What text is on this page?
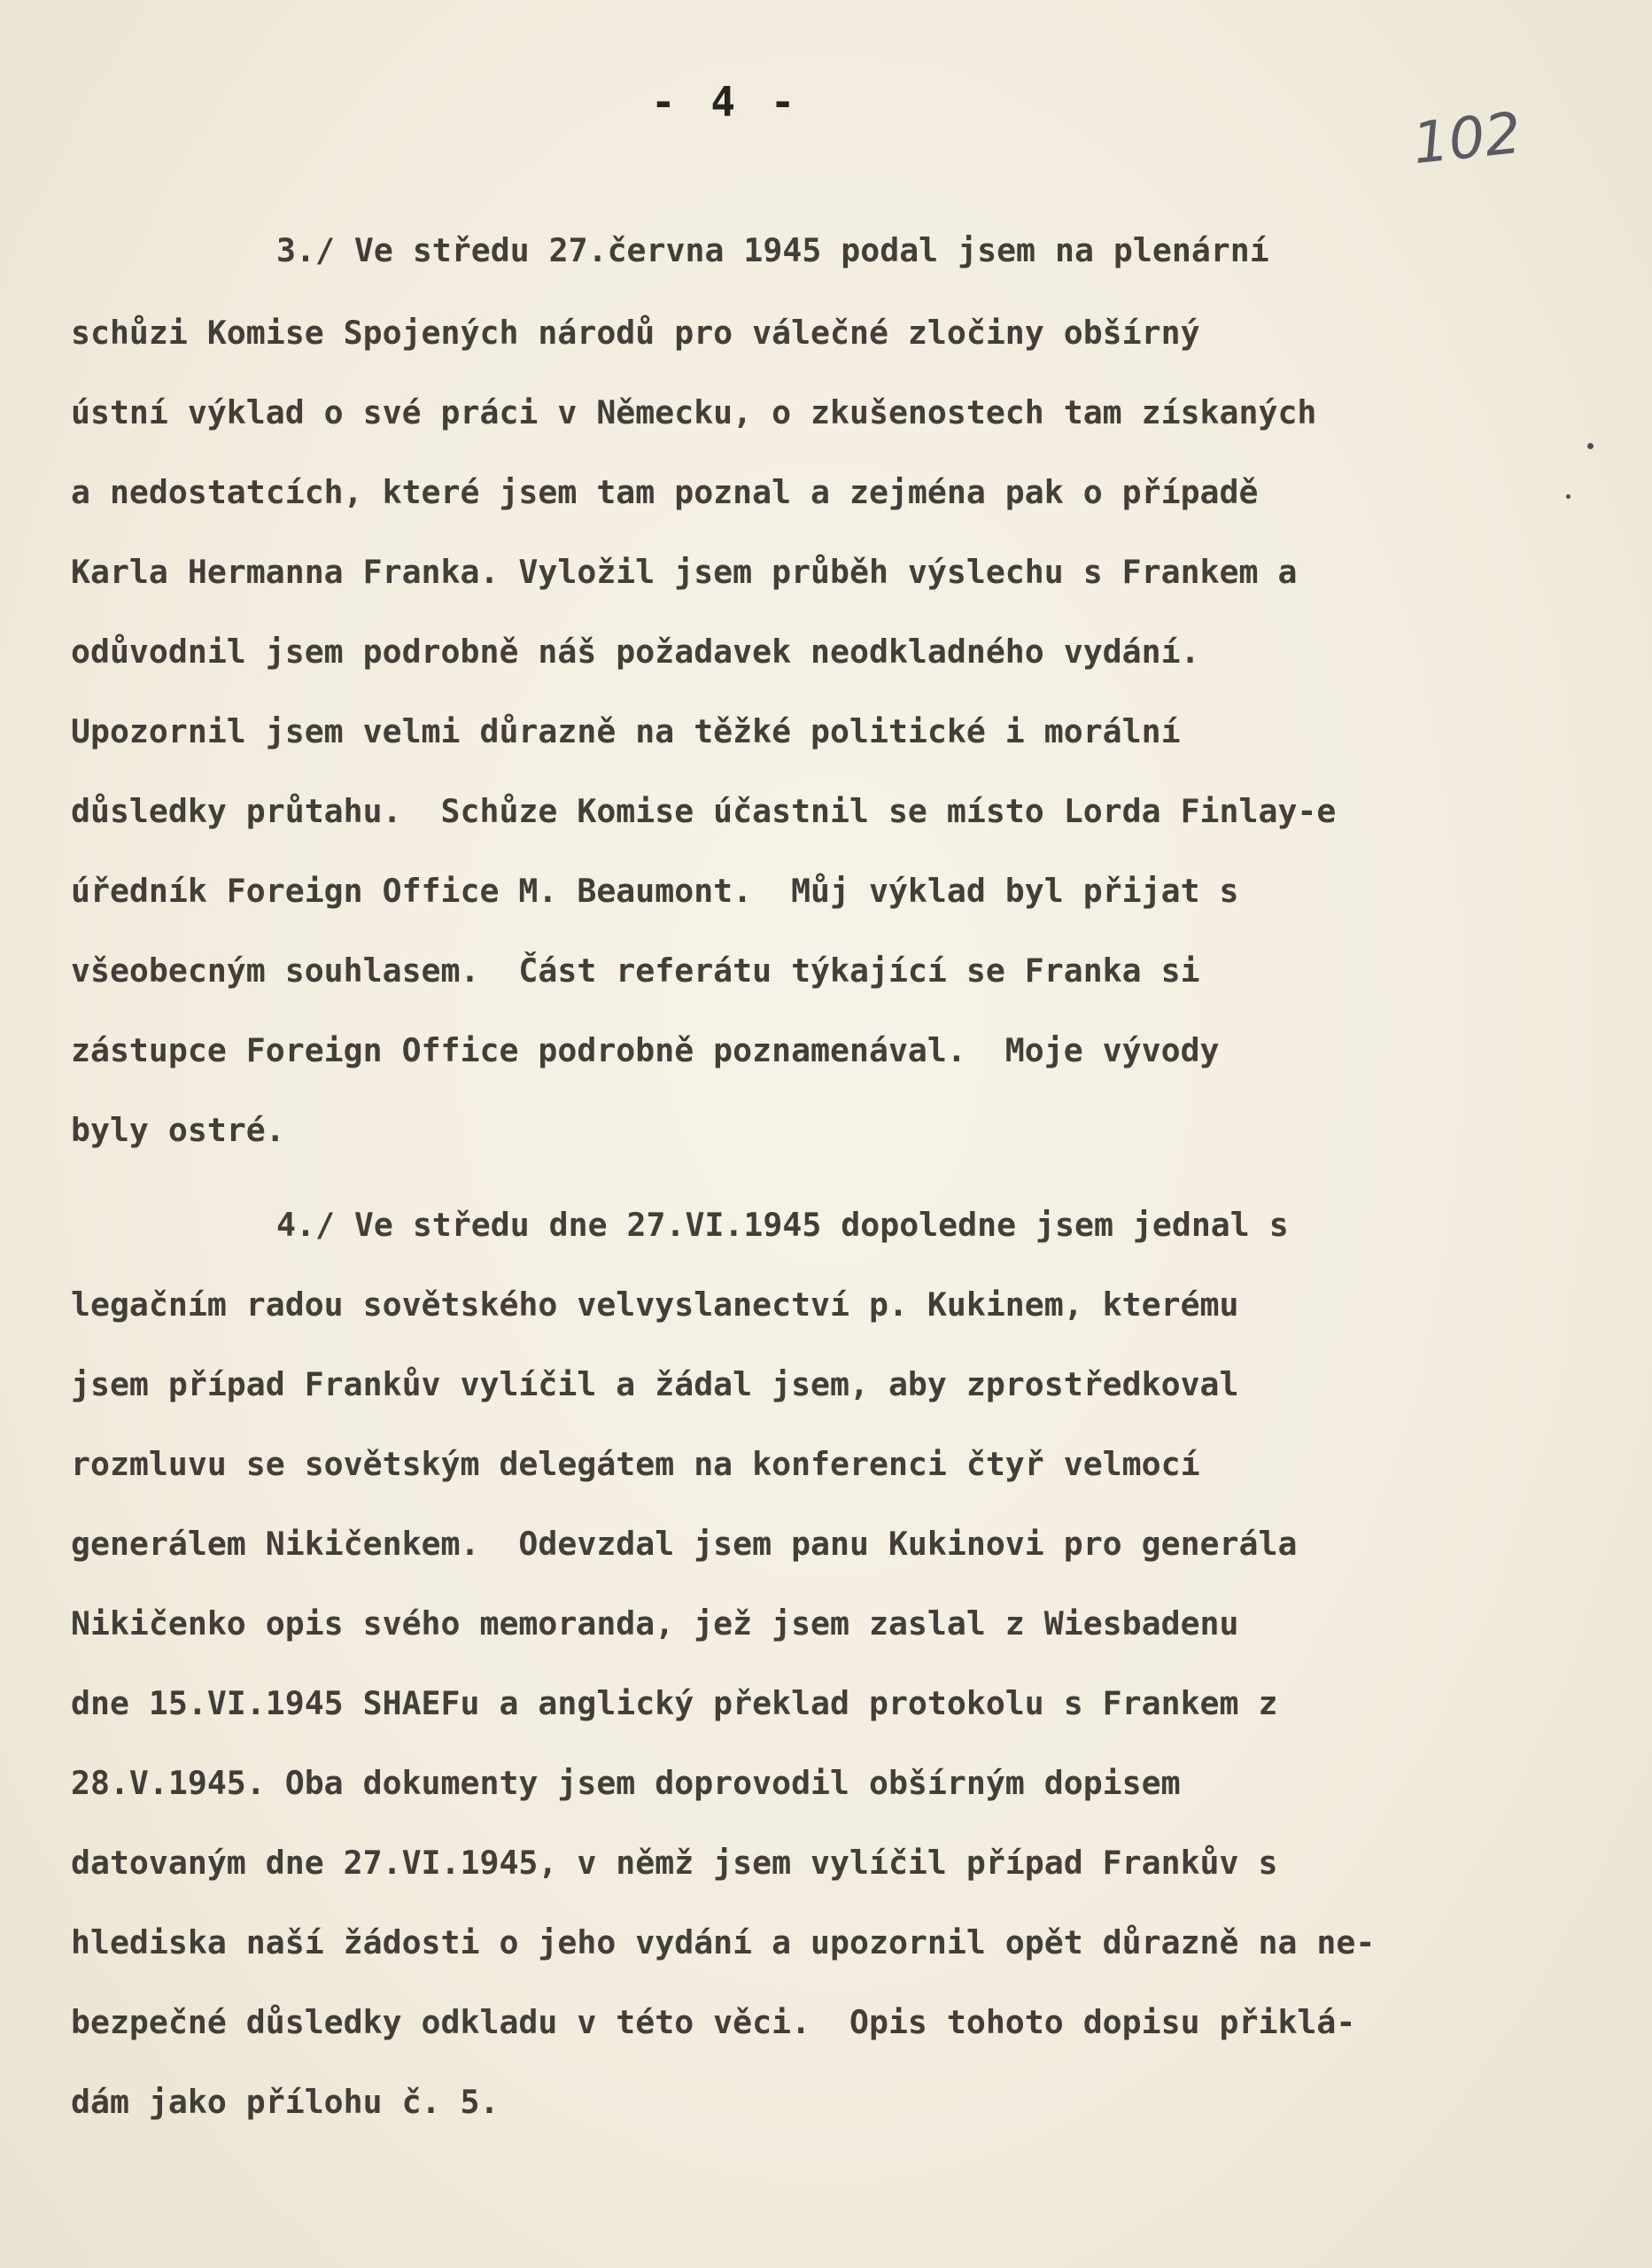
- 4 -	102
3./ Ve středu 27.června 1945 podal jsem na plenární
schůzi Komise Spojených národů pro válečné zločiny obšírný
ústní výklad o své práci v Německu, o zkušenostech tam získaných
a nedostatcích, které jsem tam poznal a zejména pak o případě
Karla Hermanna Franka. Vyložil jsem průběh výslechu s Frankem a
odůvodnil jsem podrobně náš požadavek neodkladného vydání.
Upozornil jsem velmi důrazně na těžké politické i morální
důsledky průtahu.  Schůze Komise účastnil se místo Lorda Finlay-e
úředník Foreign Office M. Beaumont.  Můj výklad byl přijat s
všeobecným souhlasem.  Část referátu týkající se Franka si
zástupce Foreign Office podrobně poznamenával.  Moje vývody
byly ostré.
4./ Ve středu dne 27.VI.1945 dopoledne jsem jednal s
legačním radou sovětského velvyslanectví p. Kukinem, kterému
jsem případ Frankův vylíčil a žádal jsem, aby zprostředkoval
rozmluvu se sovětským delegátem na konferenci čtyř velmocí
generálem Nikičenkem.  Odevzdal jsem panu Kukinovi pro generála
Nikičenko opis svého memoranda, jež jsem zaslal z Wiesbadenu
dne 15.VI.1945 SHAEFu a anglický překlad protokolu s Frankem z
28.V.1945. Oba dokumenty jsem doprovodil obšírným dopisem
datovaným dne 27.VI.1945, v němž jsem vylíčil případ Frankův s
hlediska naší žádosti o jeho vydání a upozornil opět důrazně na ne-
bezpečné důsledky odkladu v této věci.  Opis tohoto dopisu přiklá-
dám jako přílohu č. 5.
